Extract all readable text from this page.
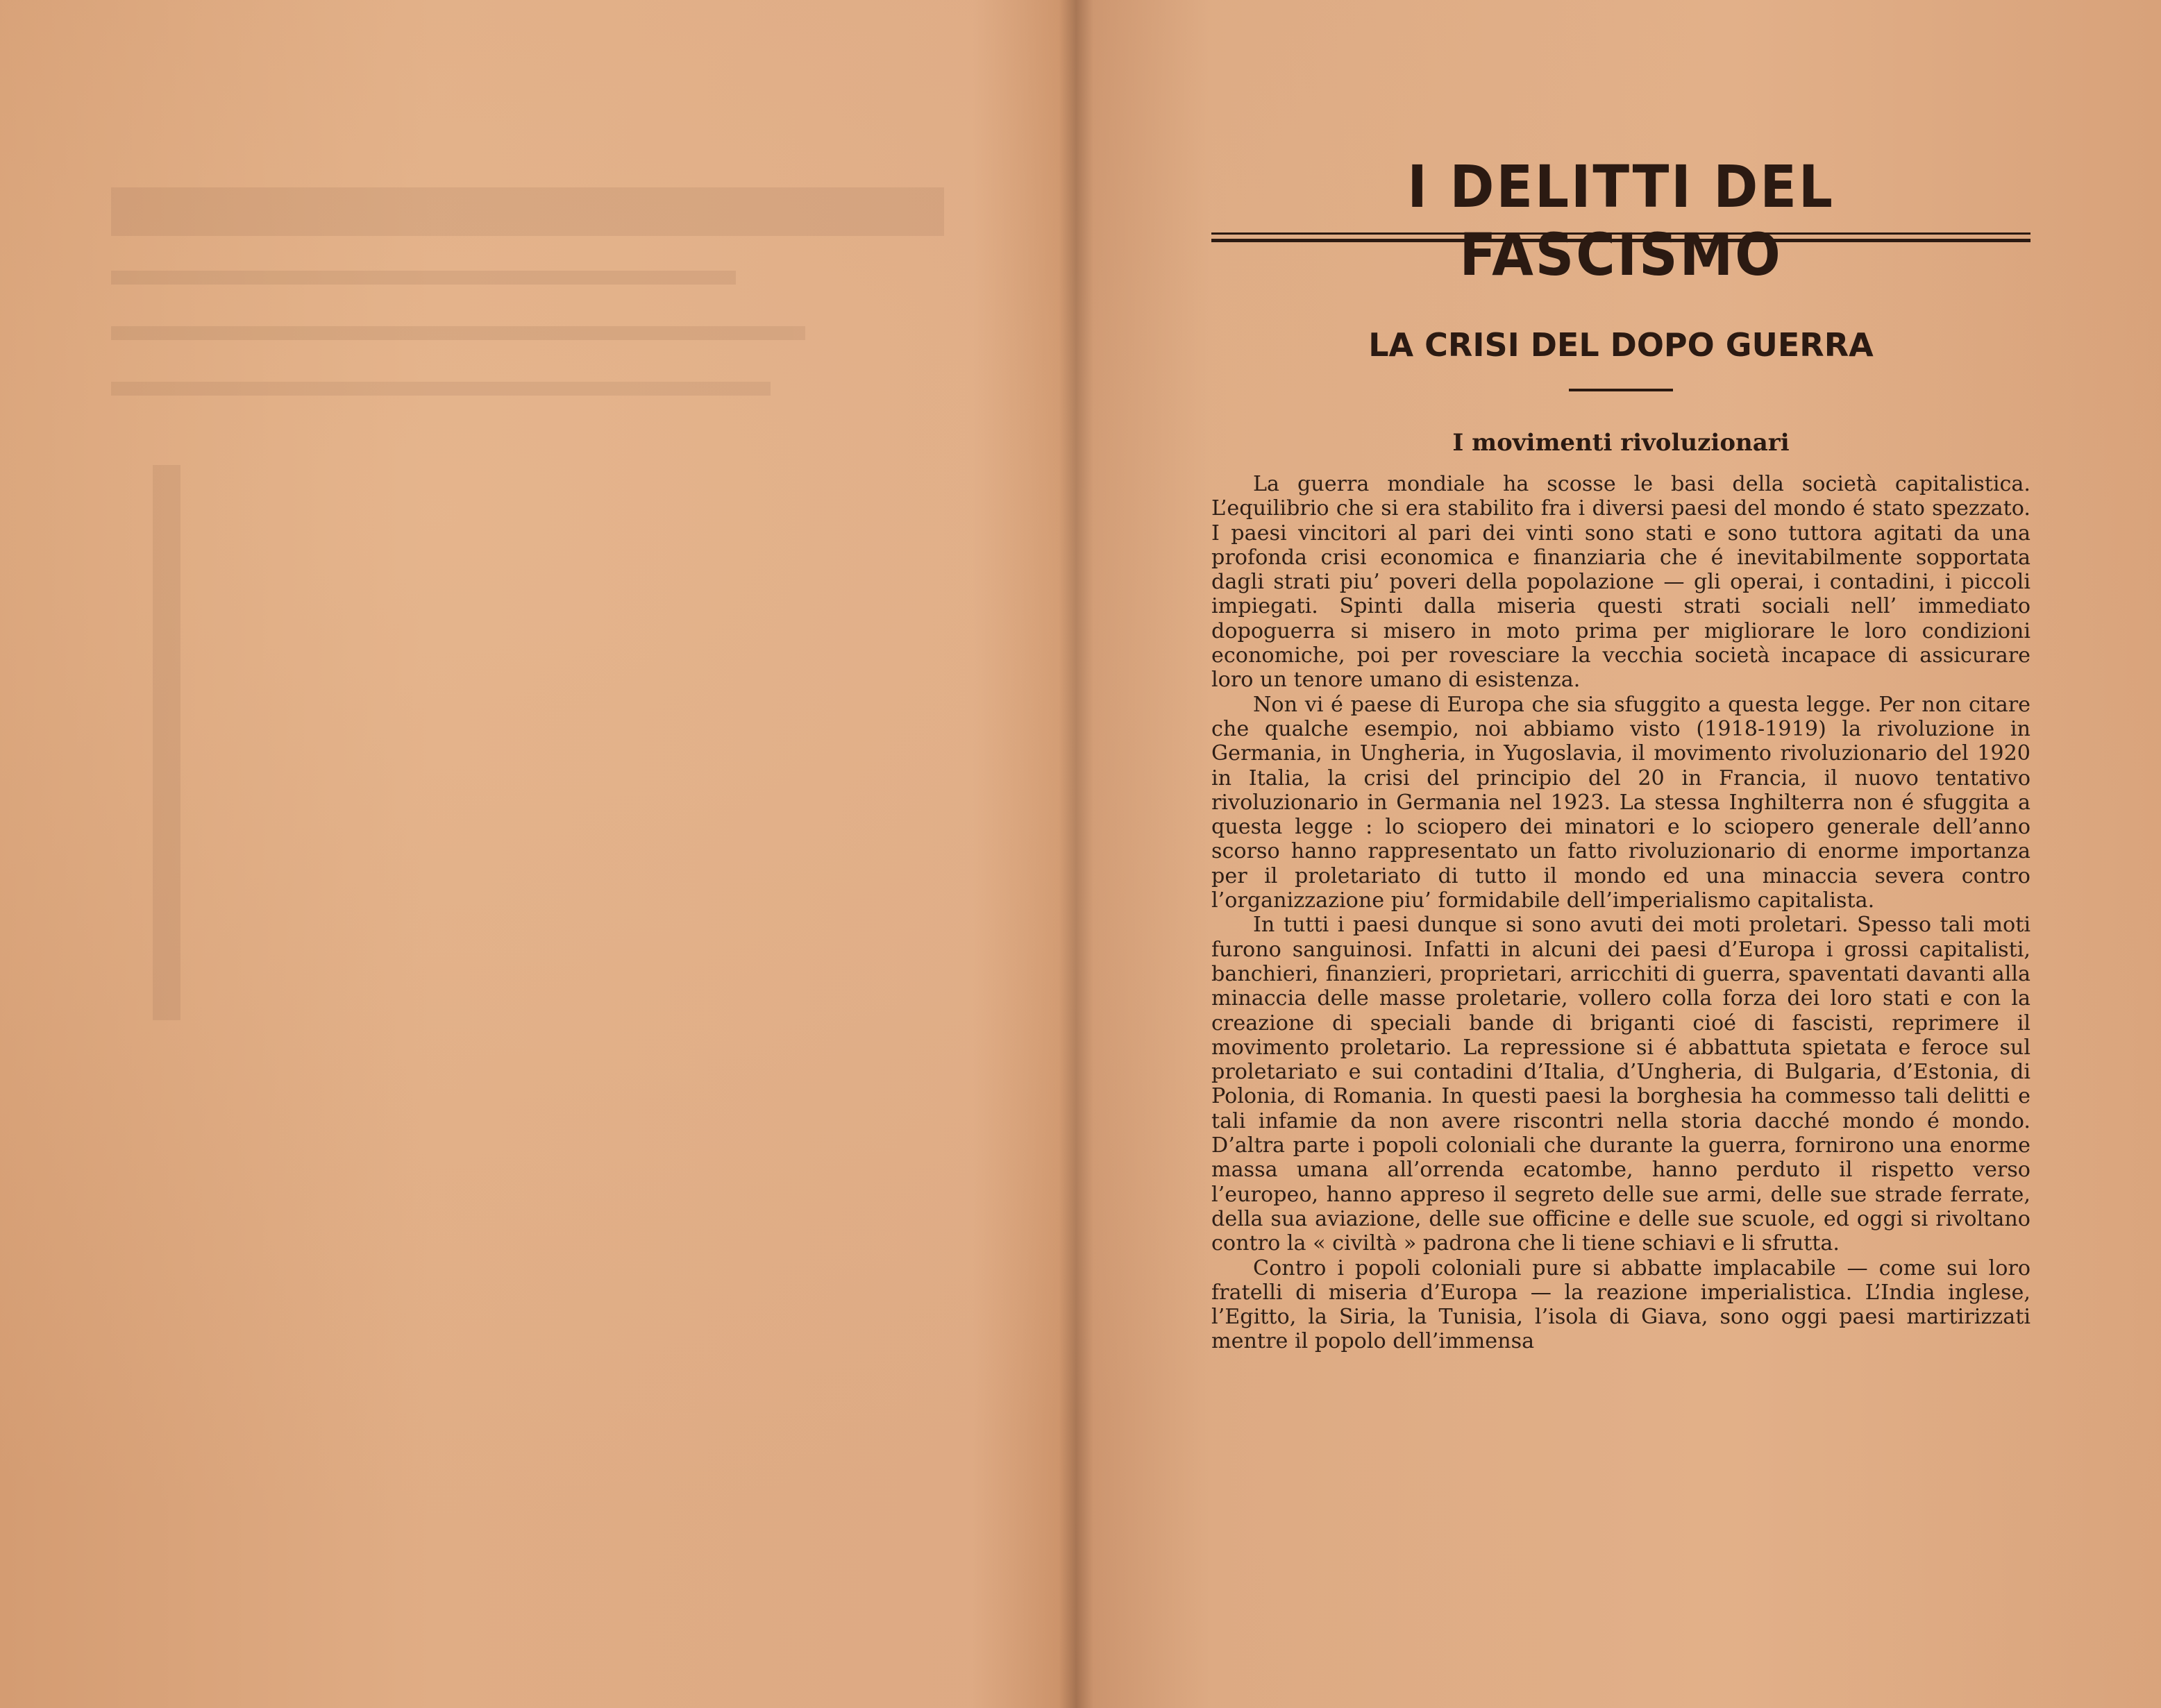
I DELITTI DEL FASCISMO
LA CRISI DEL DOPO GUERRA
I movimenti rivoluzionari

La guerra mondiale ha scosse le basi della società capitalistica. L’equilibrio che si era stabilito fra i diversi paesi del mondo é stato spezzato. I paesi vincitori al pari dei vinti sono stati e sono tuttora agitati da una profonda crisi economica e finanziaria che é inevitabilmente sopportata dagli strati piu’ poveri della popolazione — gli operai, i contadini, i piccoli impiegati. Spinti dalla miseria questi strati sociali nell’ immediato dopoguerra si misero in moto prima per migliorare le loro condizioni economiche, poi per rovesciare la vecchia società incapace di assicurare loro un tenore umano di esistenza.

Non vi é paese di Europa che sia sfuggito a questa legge. Per non citare che qualche esempio, noi abbiamo visto (1918-1919) la rivoluzione in Germania, in Ungheria, in Yugoslavia, il movimento rivoluzionario del 1920 in Italia, la crisi del principio del 20 in Francia, il nuovo tentativo rivoluzionario in Germania nel 1923. La stessa Inghilterra non é sfuggita a questa legge : lo sciopero dei minatori e lo sciopero generale dell’anno scorso hanno rappresentato un fatto rivoluzionario di enorme importanza per il proletariato di tutto il mondo ed una minaccia severa contro l’organizzazione piu’ formidabile dell’imperialismo capitalista.

In tutti i paesi dunque si sono avuti dei moti proletari. Spesso tali moti furono sanguinosi. Infatti in alcuni dei paesi d’Europa i grossi capitalisti, banchieri, finanzieri, proprietari, arricchiti di guerra, spaventati davanti alla minaccia delle masse proletarie, vollero colla forza dei loro stati e con la creazione di speciali bande di briganti cioé di fascisti, reprimere il movimento proletario. La repressione si é abbattuta spietata e feroce sul proletariato e sui contadini d’Italia, d’Ungheria, di Bulgaria, d’Estonia, di Polonia, di Romania. In questi paesi la borghesia ha commesso tali delitti e tali infamie da non avere riscontri nella storia dacché mondo é mondo. D’altra parte i popoli coloniali che durante la guerra, fornirono una enorme massa umana all’orrenda ecatombe, hanno perduto il rispetto verso l’europeo, hanno appreso il segreto delle sue armi, delle sue strade ferrate, della sua aviazione, delle sue officine e delle sue scuole, ed oggi si rivoltano contro la « civiltà » padrona che li tiene schiavi e li sfrutta.

Contro i popoli coloniali pure si abbatte implacabile — come sui loro fratelli di miseria d’Europa — la reazione imperialistica. L’India inglese, l’Egitto, la Siria, la Tunisia, l’isola di Giava, sono oggi paesi martirizzati mentre il popolo dell’immensa
